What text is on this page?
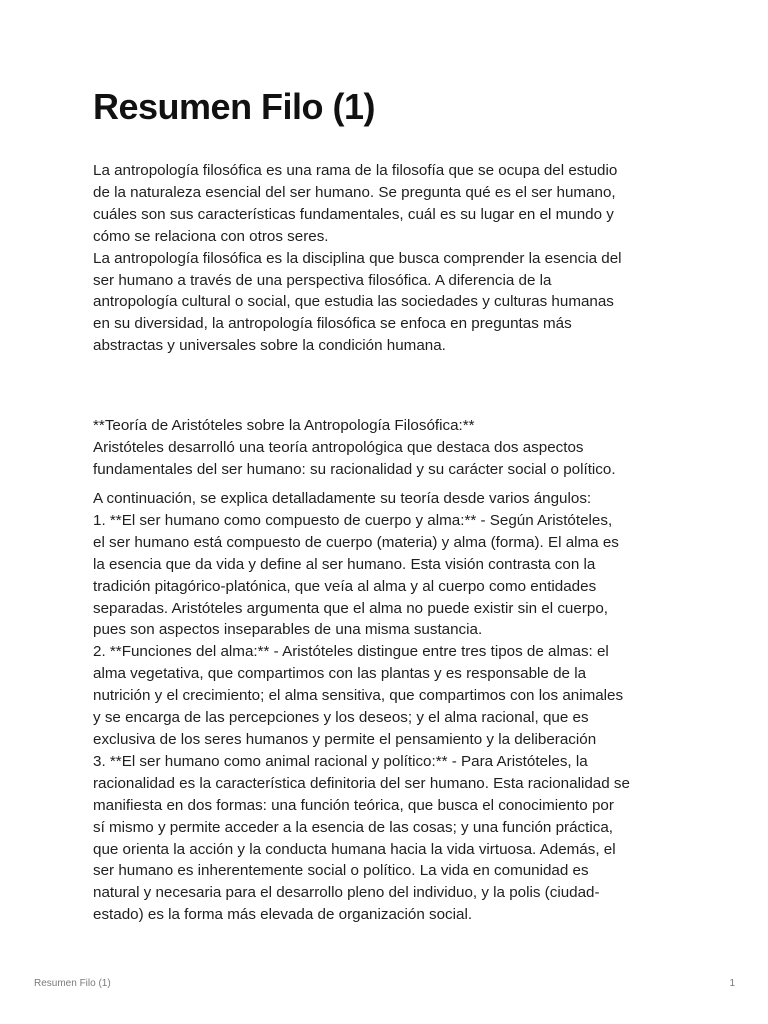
Resumen Filo (1)
La antropología filosófica es una rama de la filosofía que se ocupa del estudio
de la naturaleza esencial del ser humano. Se pregunta qué es el ser humano,
cuáles son sus características fundamentales, cuál es su lugar en el mundo y
cómo se relaciona con otros seres.
La antropología filosófica es la disciplina que busca comprender la esencia del
ser humano a través de una perspectiva filosófica. A diferencia de la
antropología cultural o social, que estudia las sociedades y culturas humanas
en su diversidad, la antropología filosófica se enfoca en preguntas más
abstractas y universales sobre la condición humana.
**Teoría de Aristóteles sobre la Antropología Filosófica:**
Aristóteles desarrolló una teoría antropológica que destaca dos aspectos
fundamentales del ser humano: su racionalidad y su carácter social o político.
A continuación, se explica detalladamente su teoría desde varios ángulos:
1. **El ser humano como compuesto de cuerpo y alma:** - Según Aristóteles,
el ser humano está compuesto de cuerpo (materia) y alma (forma). El alma es
la esencia que da vida y define al ser humano. Esta visión contrasta con la
tradición pitagórico-platónica, que veía al alma y al cuerpo como entidades
separadas. Aristóteles argumenta que el alma no puede existir sin el cuerpo,
pues son aspectos inseparables de una misma sustancia.
2. **Funciones del alma:** - Aristóteles distingue entre tres tipos de almas: el
alma vegetativa, que compartimos con las plantas y es responsable de la
nutrición y el crecimiento; el alma sensitiva, que compartimos con los animales
y se encarga de las percepciones y los deseos; y el alma racional, que es
exclusiva de los seres humanos y permite el pensamiento y la deliberación
3. **El ser humano como animal racional y político:** - Para Aristóteles, la
racionalidad es la característica definitoria del ser humano. Esta racionalidad se
manifiesta en dos formas: una función teórica, que busca el conocimiento por
sí mismo y permite acceder a la esencia de las cosas; y una función práctica,
que orienta la acción y la conducta humana hacia la vida virtuosa. Además, el
ser humano es inherentemente social o político. La vida en comunidad es
natural y necesaria para el desarrollo pleno del individuo, y la polis (ciudad-
estado) es la forma más elevada de organización social.
Resumen Filo (1)	1
